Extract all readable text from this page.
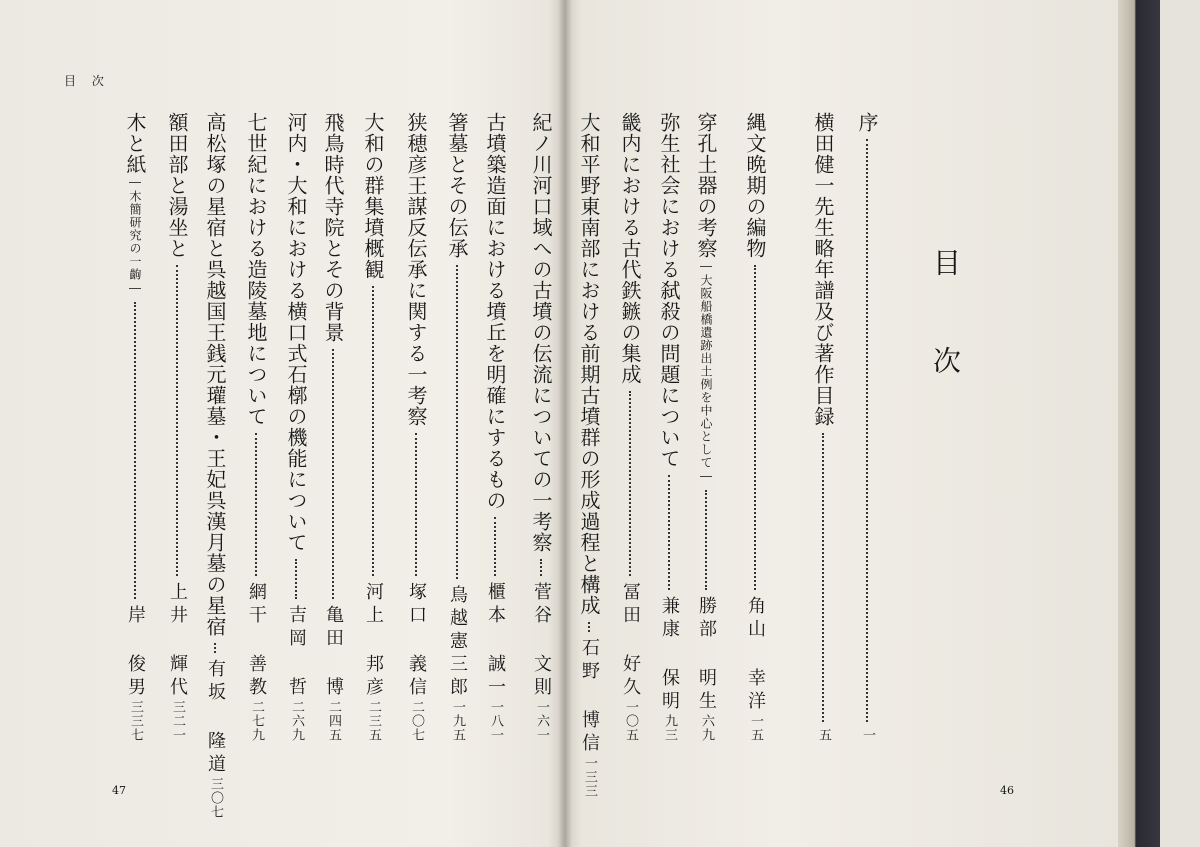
目 次
目次
序
一
横田健一先生略年譜及び著作目録
五
縄文晩期の編物
角山 幸洋
一五
穿孔土器の考察
―大阪船橋遺跡出土例を中心として―
勝部 明生
六九
弥生社会における弑殺の問題について
兼康 保明
九三
畿内における古代鉄鏃の集成
冨田 好久
一〇五
大和平野東南部における前期古墳群の形成過程と構成
石野 博信
一三三
紀ノ川河口域への古墳の伝流についての一考察
菅谷 文則
一六一
古墳築造面における墳丘を明確にするもの
櫃本 誠一
一八一
箸墓とその伝承
鳥越憲三郎
一九五
狭穂彦王謀反伝承に関する一考察
塚口 義信
二〇七
大和の群集墳概観
河上 邦彦
二三五
飛鳥時代寺院とその背景
亀田 博
二四五
河内・大和における横口式石槨の機能について
吉岡 哲
二六九
七世紀における造陵墓地について
網干 善教
二七九
高松塚の星宿と呉越国王銭元瓘墓・王妃呉漢月墓の星宿
有坂 隆道
三〇七
額田部と湯坐と
上井 輝代
三二一
木と紙
―木簡研究の一齣―
岸 俊男
三三七
47	46
